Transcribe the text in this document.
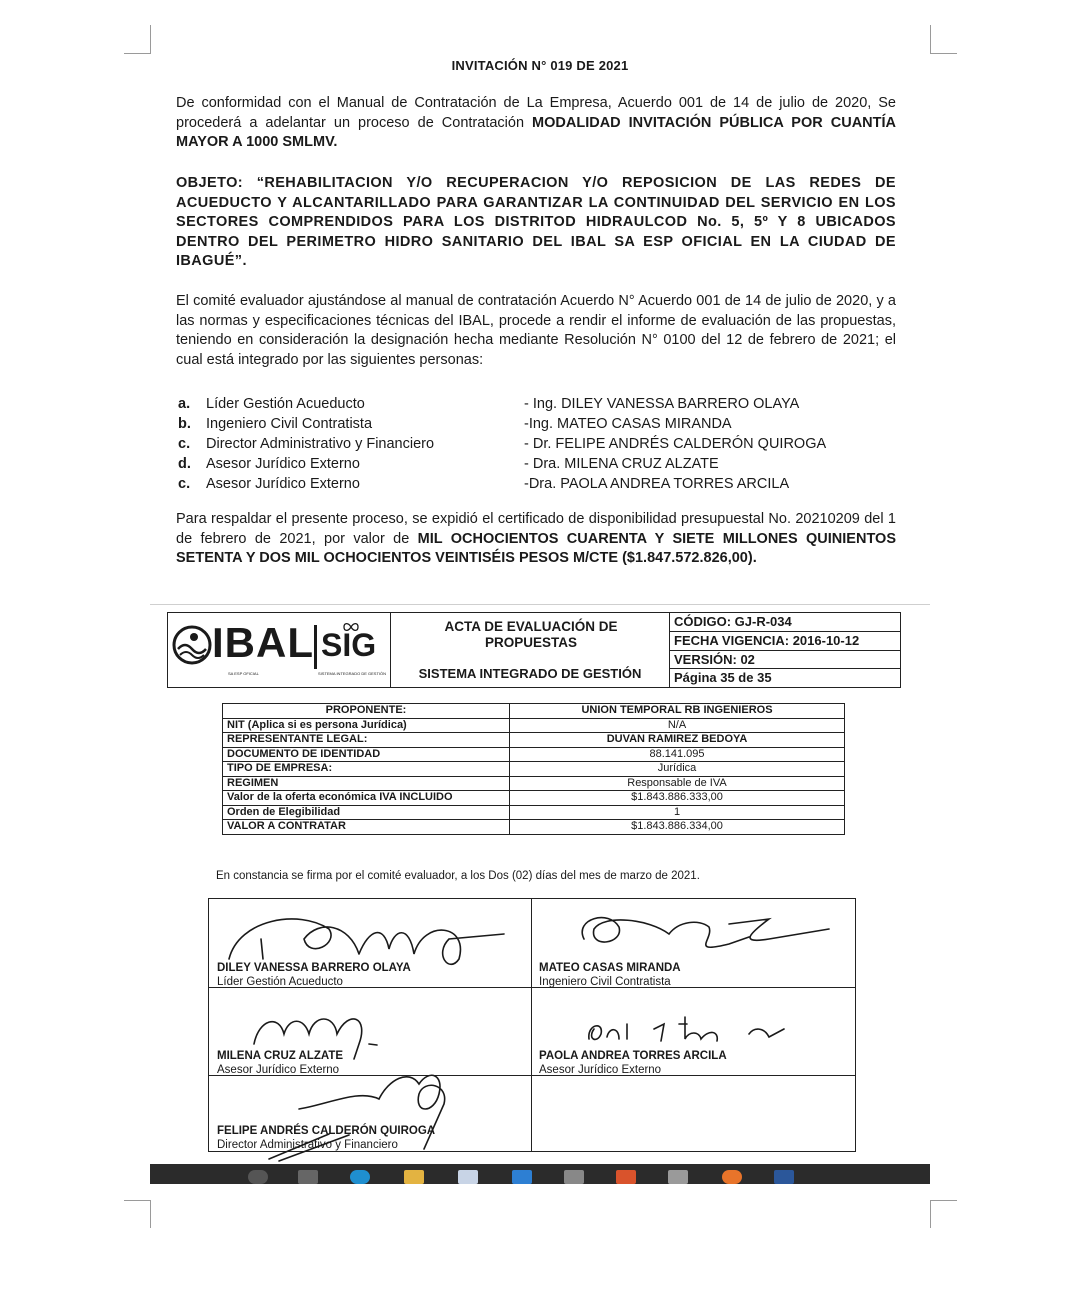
INVITACIÓN N° 019 DE 2021
De conformidad con el Manual de Contratación de La Empresa, Acuerdo 001 de 14 de julio de 2020, Se procederá a adelantar un proceso de Contratación MODALIDAD INVITACIÓN PÚBLICA POR CUANTÍA MAYOR A 1000 SMLMV.
OBJETO: “REHABILITACION Y/O RECUPERACION Y/O REPOSICION DE LAS REDES DE ACUEDUCTO Y ALCANTARILLADO PARA GARANTIZAR LA CONTINUIDAD DEL SERVICIO EN LOS SECTORES COMPRENDIDOS PARA LOS DISTRITOD HIDRAULCOD No. 5, 5º Y 8 UBICADOS DENTRO DEL PERIMETRO HIDRO SANITARIO DEL IBAL SA ESP OFICIAL EN LA CIUDAD DE IBAGUÉ”.
El comité evaluador ajustándose al manual de contratación Acuerdo N° Acuerdo 001 de 14 de julio de 2020, y a las normas y especificaciones técnicas del IBAL, procede a rendir el informe de evaluación de las propuestas, teniendo en consideración la designación hecha mediante Resolución N° 0100 del 12 de febrero de 2021; el cual está integrado por las siguientes personas:
a.	Líder Gestión Acueducto	- Ing. DILEY VANESSA BARRERO OLAYA
b.	Ingeniero Civil Contratista	-Ing. MATEO CASAS MIRANDA
c.	Director Administrativo y Financiero	- Dr. FELIPE ANDRÉS CALDERÓN QUIROGA
d.	Asesor Jurídico Externo	- Dra. MILENA CRUZ ALZATE
c.	Asesor Jurídico Externo	-Dra. PAOLA ANDREA TORRES ARCILA
Para respaldar el presente proceso, se expidió el certificado de disponibilidad presupuestal No. 20210209 del 1 de febrero de 2021, por valor de MIL OCHOCIENTOS CUARENTA Y SIETE MILLONES QUINIENTOS SETENTA Y DOS MIL OCHOCIENTOS VEINTISÉIS PESOS M/CTE ($1.847.572.826,00).
IBAL SIG
SA ESP OFICIAL	SISTEMA INTEGRADO DE GESTIÓN
ACTA DE EVALUACIÓN DE PROPUESTAS
SISTEMA INTEGRADO DE GESTIÓN
CÓDIGO: GJ-R-034
FECHA VIGENCIA: 2016-10-12
VERSIÓN: 02
Página 35 de 35
PROPONENTE:	UNION TEMPORAL RB INGENIEROS
NIT (Aplica si es persona Jurídica)	N/A
REPRESENTANTE LEGAL:	DUVAN RAMIREZ BEDOYA
DOCUMENTO DE IDENTIDAD	88.141.095
TIPO DE EMPRESA:	Jurídica
REGIMEN	Responsable de IVA
Valor de la oferta económica IVA INCLUIDO	$1.843.886.333,00
Orden de Elegibilidad	1
VALOR A CONTRATAR	$1.843.886.334,00
En constancia se firma por el comité evaluador, a los Dos (02) días del mes de marzo de 2021.
DILEY VANESSA BARRERO OLAYA
Líder Gestión Acueducto
MATEO CASAS MIRANDA
Ingeniero Civil Contratista
MILENA CRUZ ALZATE
Asesor Jurídico Externo
PAOLA ANDREA TORRES ARCILA
Asesor Jurídico Externo
FELIPE ANDRÉS CALDERÓN QUIROGA
Director Administrativo y Financiero
